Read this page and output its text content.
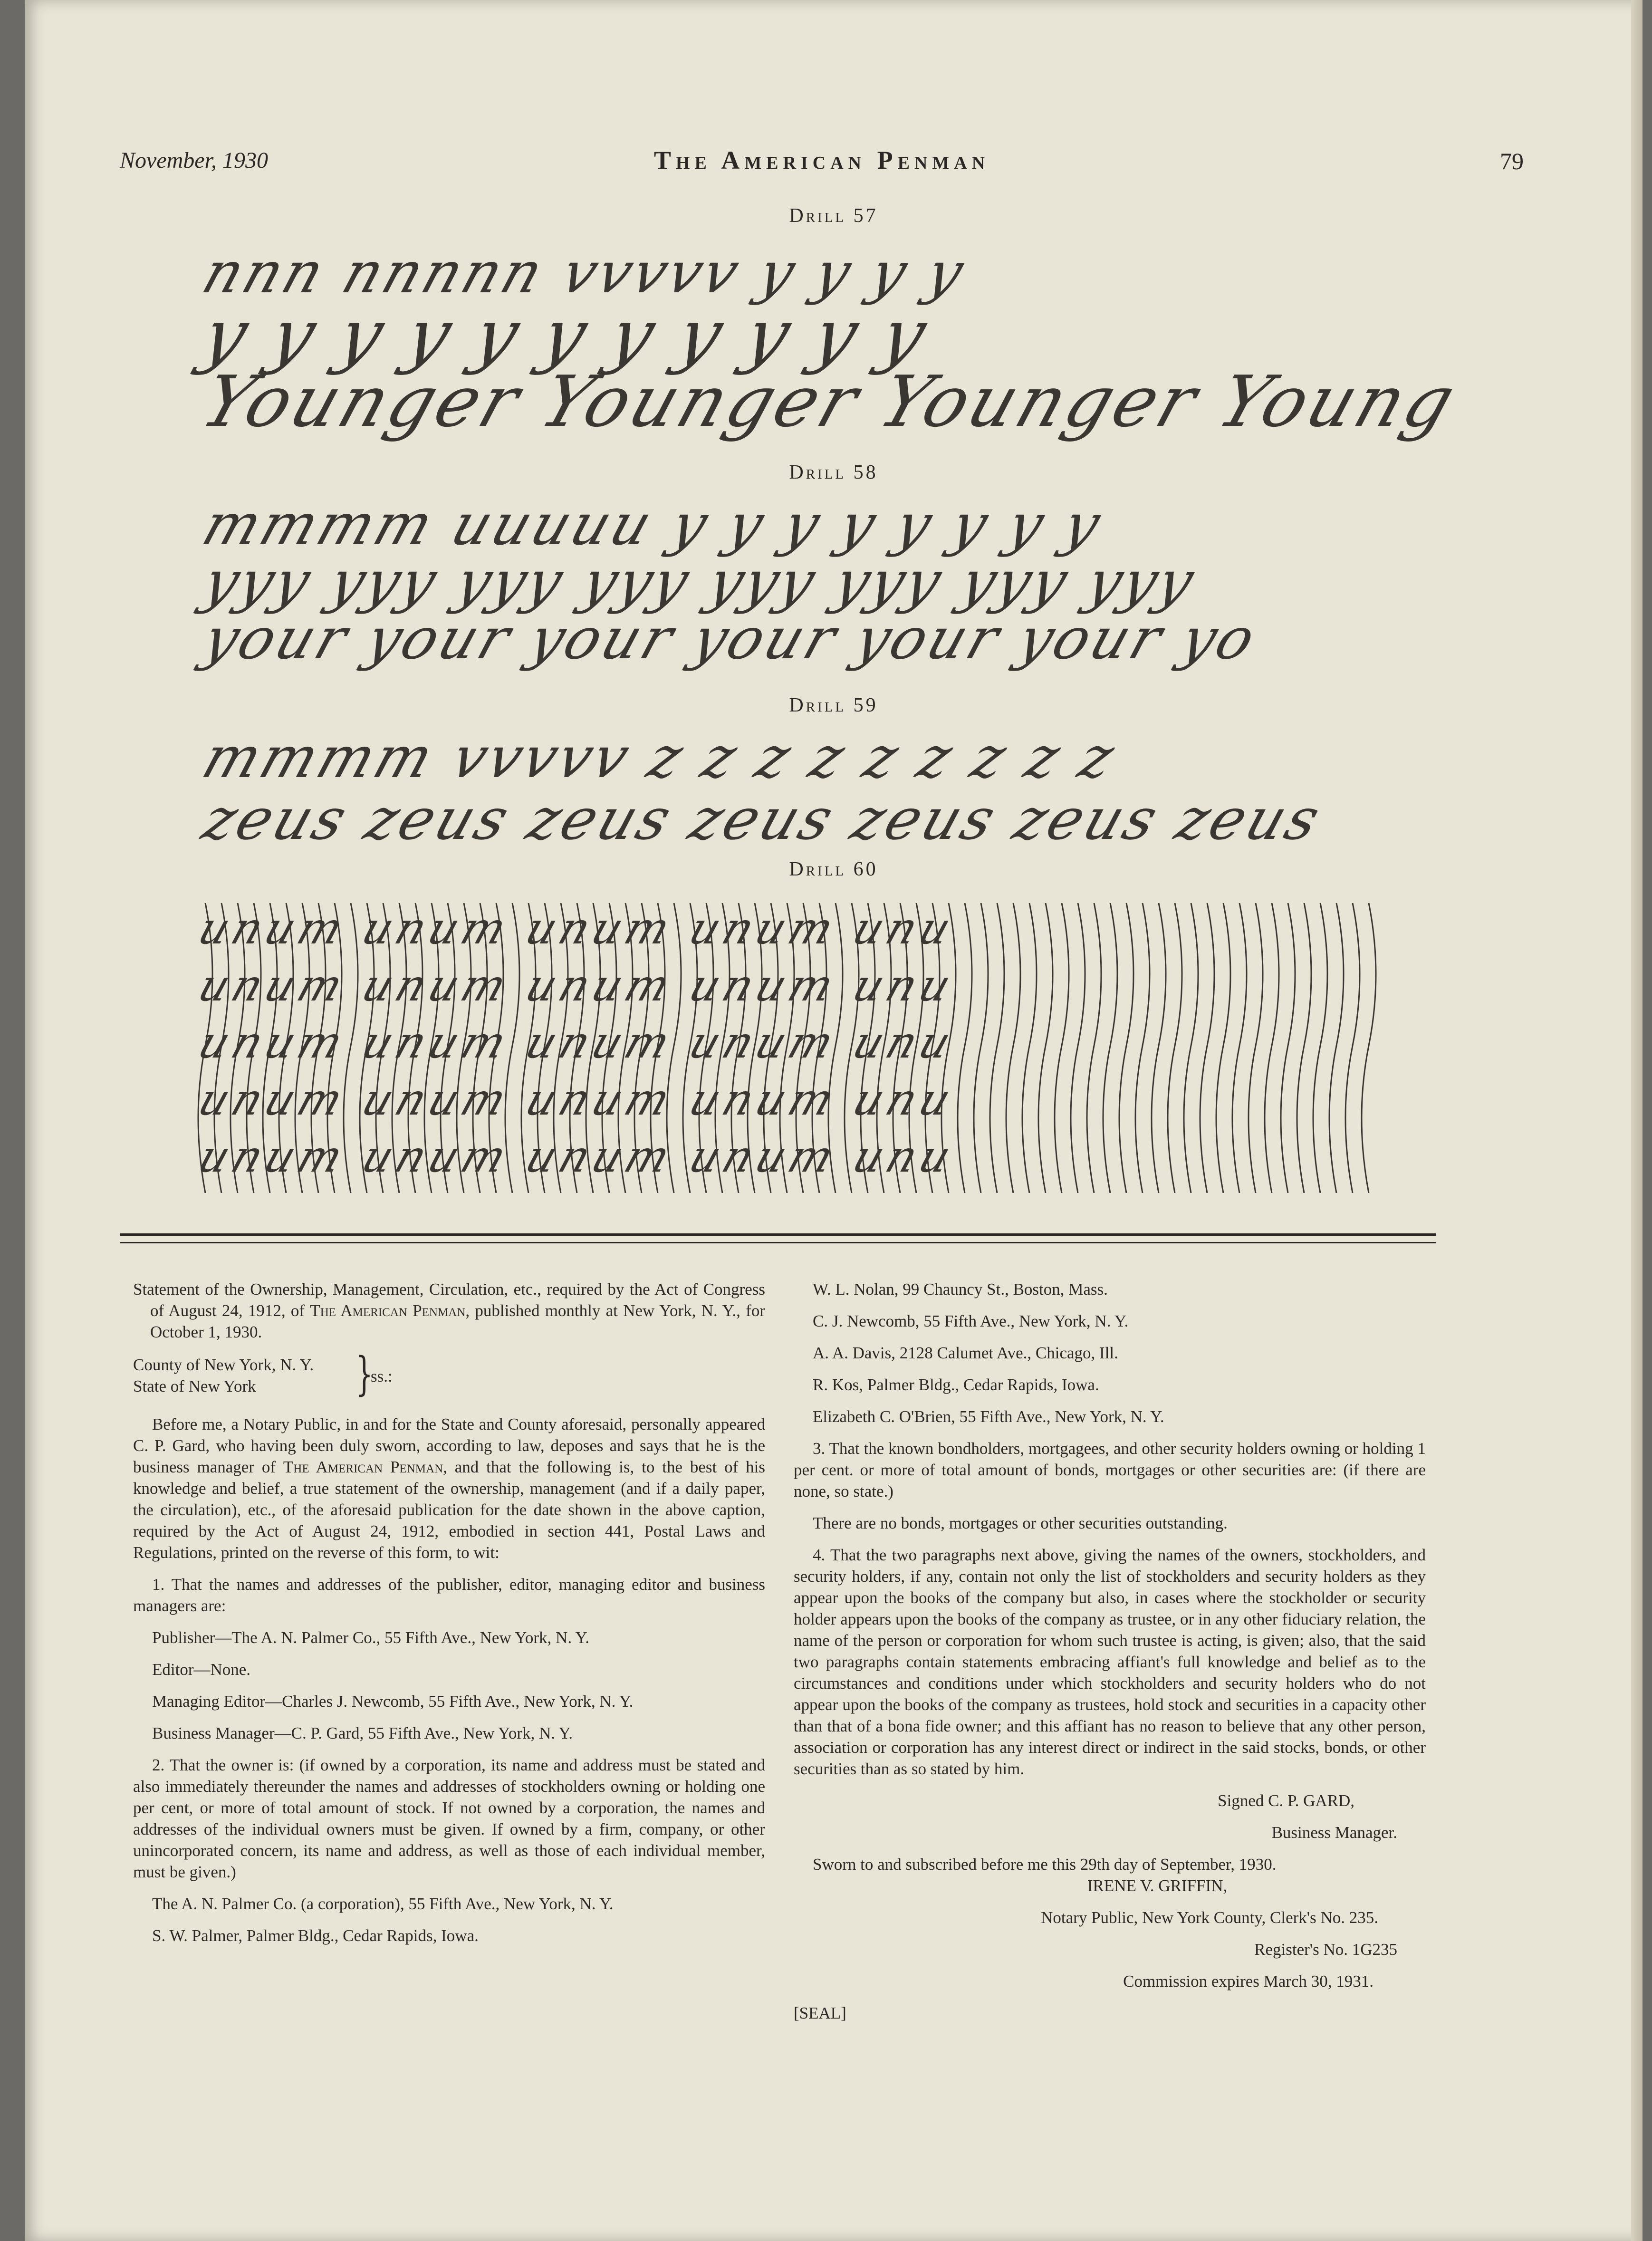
November, 1930	The American Penman	79
Drill 57
nnn nnnnn vvvvv y y y y
y y y y y y y y y y y
Younger Younger Younger Young
Drill 58
mmmm uuuuu y y y y y y y y
yyy yyy yyy yyy yyy yyy yyy yyy
your your your your your your yo
Drill 59
mmmm vvvvv z z z z z z z z z
zeus zeus zeus zeus zeus zeus zeus
Drill 60
unum unum unum unum unu
unum unum unum unum unu
unum unum unum unum unu
unum unum unum unum unu
unum unum unum unum unu

Statement of the Ownership, Management, Circulation, etc., required by the Act of Congress of August 24, 1912, of The American Penman, published monthly at New York, N. Y., for October 1, 1930.

County of New York, N. Y.
State of New York }
ss.:

Before me, a Notary Public, in and for the State and County aforesaid, personally appeared C. P. Gard, who having been duly sworn, according to law, deposes and says that he is the business manager of The American Penman, and that the following is, to the best of his knowledge and belief, a true statement of the ownership, management (and if a daily paper, the circulation), etc., of the aforesaid publication for the date shown in the above caption, required by the Act of August 24, 1912, embodied in section 441, Postal Laws and Regulations, printed on the reverse of this form, to wit:

1. That the names and addresses of the publisher, editor, managing editor and business managers are:

Publisher—The A. N. Palmer Co., 55 Fifth Ave., New York, N. Y.

Editor—None.

Managing Editor—Charles J. Newcomb, 55 Fifth Ave., New York, N. Y.

Business Manager—C. P. Gard, 55 Fifth Ave., New York, N. Y.

2. That the owner is: (if owned by a corporation, its name and address must be stated and also immediately thereunder the names and addresses of stockholders owning or holding one per cent, or more of total amount of stock. If not owned by a corporation, the names and addresses of the individual owners must be given. If owned by a firm, company, or other unincorporated concern, its name and address, as well as those of each individual member, must be given.)

The A. N. Palmer Co. (a corporation), 55 Fifth Ave., New York, N. Y.

S. W. Palmer, Palmer Bldg., Cedar Rapids, Iowa.

W. L. Nolan, 99 Chauncy St., Boston, Mass.

C. J. Newcomb, 55 Fifth Ave., New York, N. Y.

A. A. Davis, 2128 Calumet Ave., Chicago, Ill.

R. Kos, Palmer Bldg., Cedar Rapids, Iowa.

Elizabeth C. O'Brien, 55 Fifth Ave., New York, N. Y.

3. That the known bondholders, mortgagees, and other security holders owning or holding 1 per cent. or more of total amount of bonds, mortgages or other securities are: (if there are none, so state.)

There are no bonds, mortgages or other securities outstanding.

4. That the two paragraphs next above, giving the names of the owners, stockholders, and security holders, if any, contain not only the list of stockholders and security holders as they appear upon the books of the company but also, in cases where the stockholder or security holder appears upon the books of the company as trustee, or in any other fiduciary relation, the name of the person or corporation for whom such trustee is acting, is given; also, that the said two paragraphs contain statements embracing affiant's full knowledge and belief as to the circumstances and conditions under which stockholders and security holders who do not appear upon the books of the company as trustees, hold stock and securities in a capacity other than that of a bona fide owner; and this affiant has no reason to believe that any other person, association or corporation has any interest direct or indirect in the said stocks, bonds, or other securities than as so stated by him.

Signed C. P. GARD,

Business Manager.

Sworn to and subscribed before me this 29th day of September, 1930.

IRENE V. GRIFFIN,

Notary Public, New York County, Clerk's No. 235.

Register's No. 1G235

Commission expires March 30, 1931.

[SEAL]
